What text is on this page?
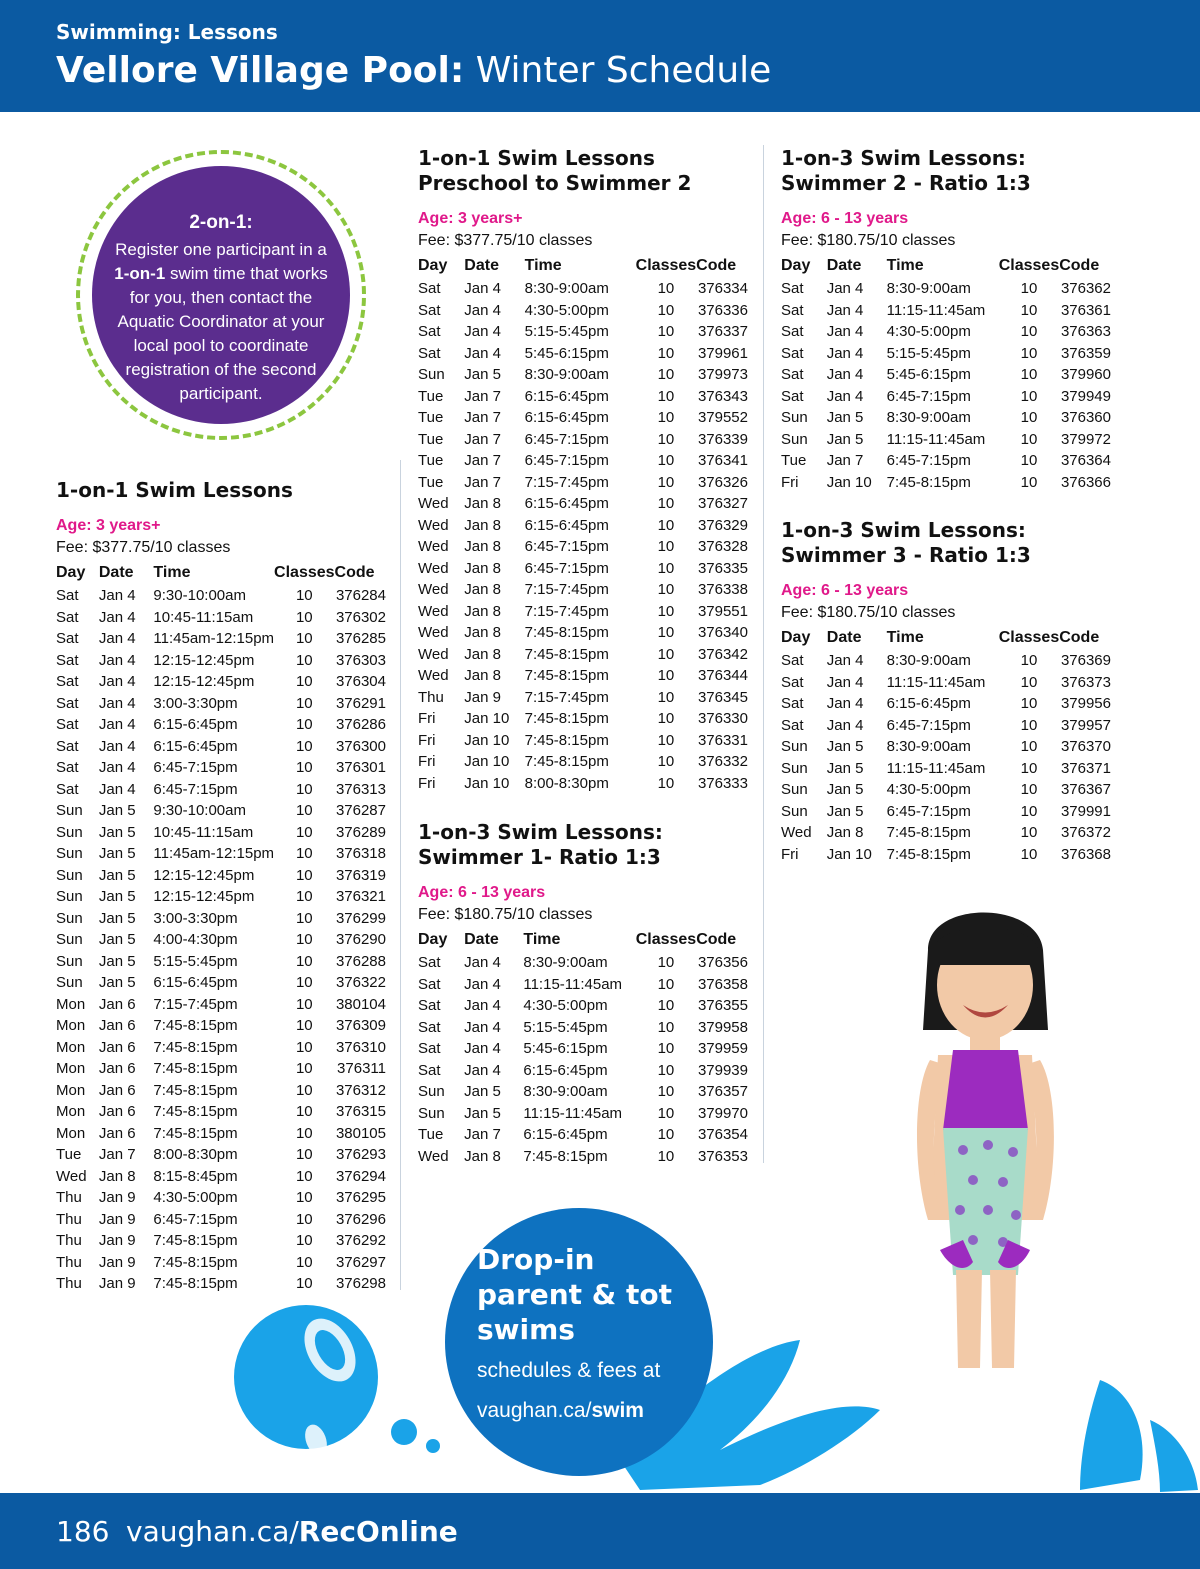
Swimming: Lessons
Vellore Village Pool: Winter Schedule
2-on-1:
Register one participant in a 1-on-1 swim time that works for you, then contact the Aquatic Coordinator at your local pool to coordinate registration of the second participant.
1-on-1 Swim Lessons
Age: 3 years+
Fee: $377.75/10 classes
Day	Date	Time	Classes	Code
Sat	Jan 4	9:30-10:00am	10	376284
Sat	Jan 4	10:45-11:15am	10	376302
Sat	Jan 4	11:45am-12:15pm	10	376285
Sat	Jan 4	12:15-12:45pm	10	376303
Sat	Jan 4	12:15-12:45pm	10	376304
Sat	Jan 4	3:00-3:30pm	10	376291
Sat	Jan 4	6:15-6:45pm	10	376286
Sat	Jan 4	6:15-6:45pm	10	376300
Sat	Jan 4	6:45-7:15pm	10	376301
Sat	Jan 4	6:45-7:15pm	10	376313
Sun	Jan 5	9:30-10:00am	10	376287
Sun	Jan 5	10:45-11:15am	10	376289
Sun	Jan 5	11:45am-12:15pm	10	376318
Sun	Jan 5	12:15-12:45pm	10	376319
Sun	Jan 5	12:15-12:45pm	10	376321
Sun	Jan 5	3:00-3:30pm	10	376299
Sun	Jan 5	4:00-4:30pm	10	376290
Sun	Jan 5	5:15-5:45pm	10	376288
Sun	Jan 5	6:15-6:45pm	10	376322
Mon	Jan 6	7:15-7:45pm	10	380104
Mon	Jan 6	7:45-8:15pm	10	376309
Mon	Jan 6	7:45-8:15pm	10	376310
Mon	Jan 6	7:45-8:15pm	10	376311
Mon	Jan 6	7:45-8:15pm	10	376312
Mon	Jan 6	7:45-8:15pm	10	376315
Mon	Jan 6	7:45-8:15pm	10	380105
Tue	Jan 7	8:00-8:30pm	10	376293
Wed	Jan 8	8:15-8:45pm	10	376294
Thu	Jan 9	4:30-5:00pm	10	376295
Thu	Jan 9	6:45-7:15pm	10	376296
Thu	Jan 9	7:45-8:15pm	10	376292
Thu	Jan 9	7:45-8:15pm	10	376297
Thu	Jan 9	7:45-8:15pm	10	376298
1-on-1 Swim Lessons Preschool to Swimmer 2
Age: 3 years+
Fee: $377.75/10 classes
Day	Date	Time	Classes	Code
Sat	Jan 4	8:30-9:00am	10	376334
Sat	Jan 4	4:30-5:00pm	10	376336
Sat	Jan 4	5:15-5:45pm	10	376337
Sat	Jan 4	5:45-6:15pm	10	379961
Sun	Jan 5	8:30-9:00am	10	379973
Tue	Jan 7	6:15-6:45pm	10	376343
Tue	Jan 7	6:15-6:45pm	10	379552
Tue	Jan 7	6:45-7:15pm	10	376339
Tue	Jan 7	6:45-7:15pm	10	376341
Tue	Jan 7	7:15-7:45pm	10	376326
Wed	Jan 8	6:15-6:45pm	10	376327
Wed	Jan 8	6:15-6:45pm	10	376329
Wed	Jan 8	6:45-7:15pm	10	376328
Wed	Jan 8	6:45-7:15pm	10	376335
Wed	Jan 8	7:15-7:45pm	10	376338
Wed	Jan 8	7:15-7:45pm	10	379551
Wed	Jan 8	7:45-8:15pm	10	376340
Wed	Jan 8	7:45-8:15pm	10	376342
Wed	Jan 8	7:45-8:15pm	10	376344
Thu	Jan 9	7:15-7:45pm	10	376345
Fri	Jan 10	7:45-8:15pm	10	376330
Fri	Jan 10	7:45-8:15pm	10	376331
Fri	Jan 10	7:45-8:15pm	10	376332
Fri	Jan 10	8:00-8:30pm	10	376333
1-on-3 Swim Lessons: Swimmer 1- Ratio 1:3
Age: 6 - 13 years
Fee: $180.75/10 classes
Day	Date	Time	Classes	Code
Sat	Jan 4	8:30-9:00am	10	376356
Sat	Jan 4	11:15-11:45am	10	376358
Sat	Jan 4	4:30-5:00pm	10	376355
Sat	Jan 4	5:15-5:45pm	10	379958
Sat	Jan 4	5:45-6:15pm	10	379959
Sat	Jan 4	6:15-6:45pm	10	379939
Sun	Jan 5	8:30-9:00am	10	376357
Sun	Jan 5	11:15-11:45am	10	379970
Tue	Jan 7	6:15-6:45pm	10	376354
Wed	Jan 8	7:45-8:15pm	10	376353
1-on-3 Swim Lessons: Swimmer 2 - Ratio 1:3
Age: 6 - 13 years
Fee: $180.75/10 classes
Day	Date	Time	Classes	Code
Sat	Jan 4	8:30-9:00am	10	376362
Sat	Jan 4	11:15-11:45am	10	376361
Sat	Jan 4	4:30-5:00pm	10	376363
Sat	Jan 4	5:15-5:45pm	10	376359
Sat	Jan 4	5:45-6:15pm	10	379960
Sat	Jan 4	6:45-7:15pm	10	379949
Sun	Jan 5	8:30-9:00am	10	376360
Sun	Jan 5	11:15-11:45am	10	379972
Tue	Jan 7	6:45-7:15pm	10	376364
Fri	Jan 10	7:45-8:15pm	10	376366
1-on-3 Swim Lessons: Swimmer 3 - Ratio 1:3
Age: 6 - 13 years
Fee: $180.75/10 classes
Day	Date	Time	Classes	Code
Sat	Jan 4	8:30-9:00am	10	376369
Sat	Jan 4	11:15-11:45am	10	376373
Sat	Jan 4	6:15-6:45pm	10	379956
Sat	Jan 4	6:45-7:15pm	10	379957
Sun	Jan 5	8:30-9:00am	10	376370
Sun	Jan 5	11:15-11:45am	10	376371
Sun	Jan 5	4:30-5:00pm	10	376367
Sun	Jan 5	6:45-7:15pm	10	379991
Wed	Jan 8	7:45-8:15pm	10	376372
Fri	Jan 10	7:45-8:15pm	10	376368
Drop-in parent & tot swims
schedules & fees at
vaughan.ca/swim
186 vaughan.ca/RecOnline
